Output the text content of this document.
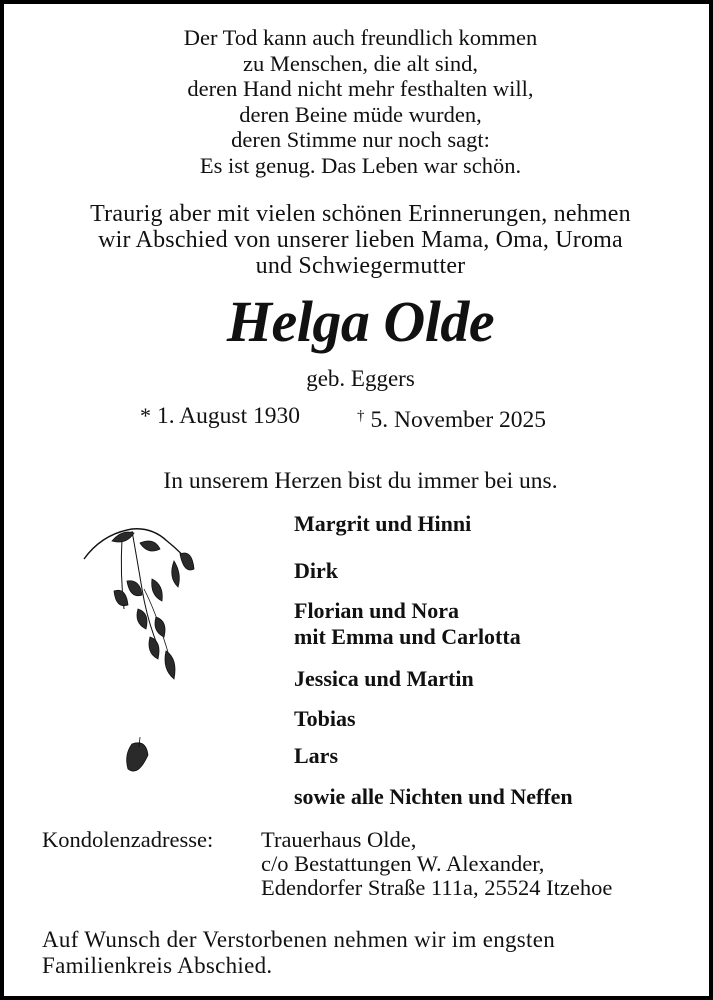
Der Tod kann auch freundlich kommen
zu Menschen, die alt sind,
deren Hand nicht mehr festhalten will,
deren Beine müde wurden,
deren Stimme nur noch sagt:
Es ist genug. Das Leben war schön.
Traurig aber mit vielen schönen Erinnerungen, nehmen
wir Abschied von unserer lieben Mama, Oma, Uroma
und Schwiegermutter
Helga Olde
geb. Eggers
* 1. August 1930	† 5. November 2025
In unserem Herzen bist du immer bei uns.
Margrit und Hinni
Dirk
Florian und Nora
mit Emma und Carlotta
Jessica und Martin
Tobias
Lars
sowie alle Nichten und Neffen
Kondolenzadresse: Trauerhaus Olde,
c/o Bestattungen W. Alexander,
Edendorfer Straße 111a, 25524 Itzehoe
Auf Wunsch der Verstorbenen nehmen wir im engsten
Familienkreis Abschied.
